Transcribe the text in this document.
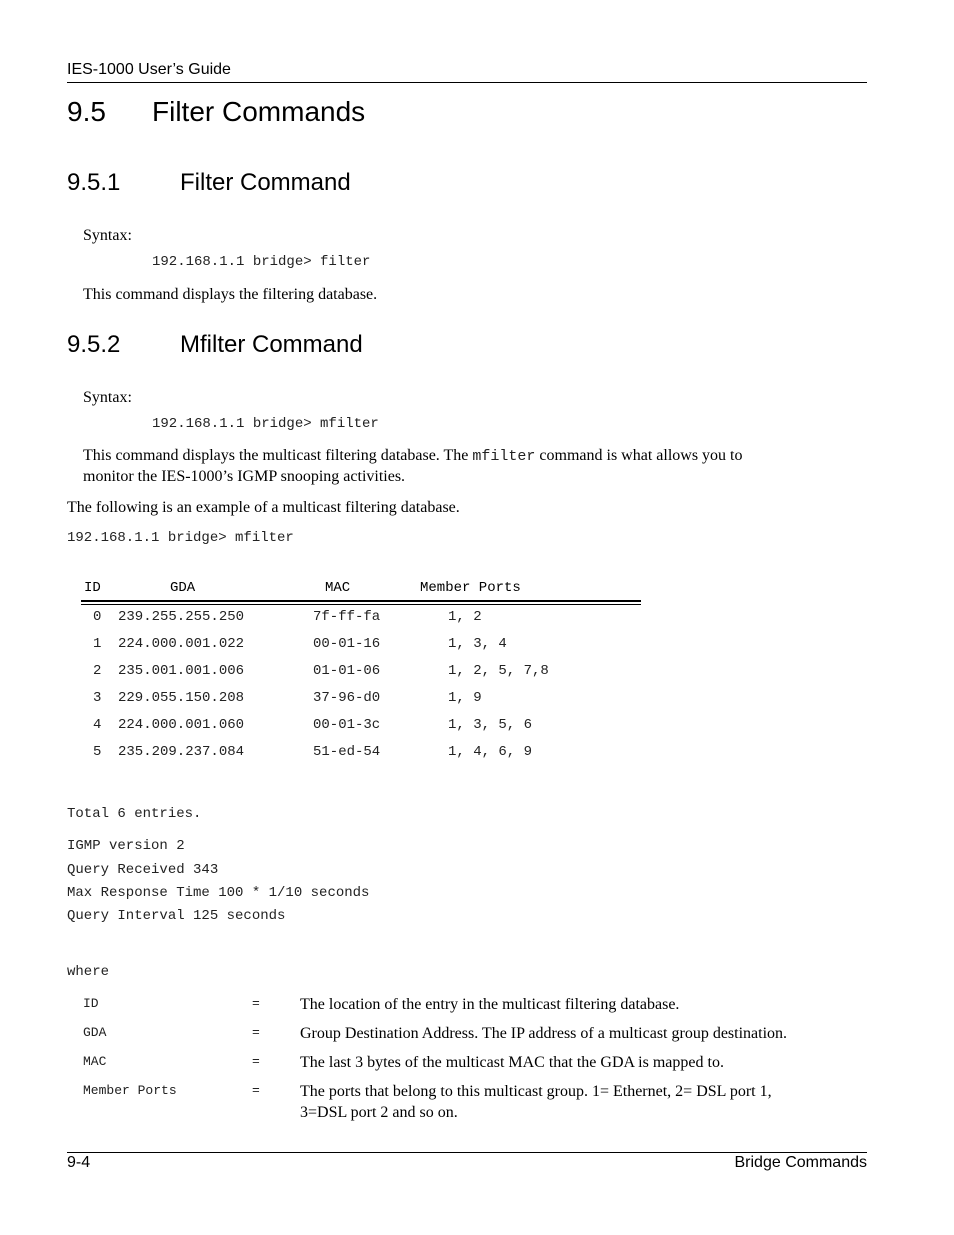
IES-1000 User’s Guide
9.5 Filter Commands
9.5.1 Filter Command
Syntax:
192.168.1.1 bridge> filter
This command displays the filtering database.
9.5.2 Mfilter Command
Syntax:
192.168.1.1 bridge> mfilter
This command displays the multicast filtering database. The mfilter command is what allows you to
monitor the IES-1000’s IGMP snooping activities.
The following is an example of a multicast filtering database.
192.168.1.1 bridge> mfilter
ID	GDA	MAC	Member Ports
0 239.255.255.250	7f-ff-fa	1, 2
1 224.000.001.022	00-01-16	1, 3, 4
2 235.001.001.006	01-01-06	1, 2, 5, 7,8
3 229.055.150.208	37-96-d0	1, 9
4 224.000.001.060	00-01-3c	1, 3, 5, 6
5 235.209.237.084	51-ed-54	1, 4, 6, 9
Total 6 entries.
IGMP version 2
Query Received 343
Max Response Time 100 * 1/10 seconds
Query Interval 125 seconds
where
ID	=	The location of the entry in the multicast filtering database.
GDA	=	Group Destination Address. The IP address of a multicast group destination.
MAC	=	The last 3 bytes of the multicast MAC that the GDA is mapped to.
Member Ports	=	The ports that belong to this multicast group. 1= Ethernet, 2= DSL port 1,
3=DSL port 2 and so on.
9-4	Bridge Commands
